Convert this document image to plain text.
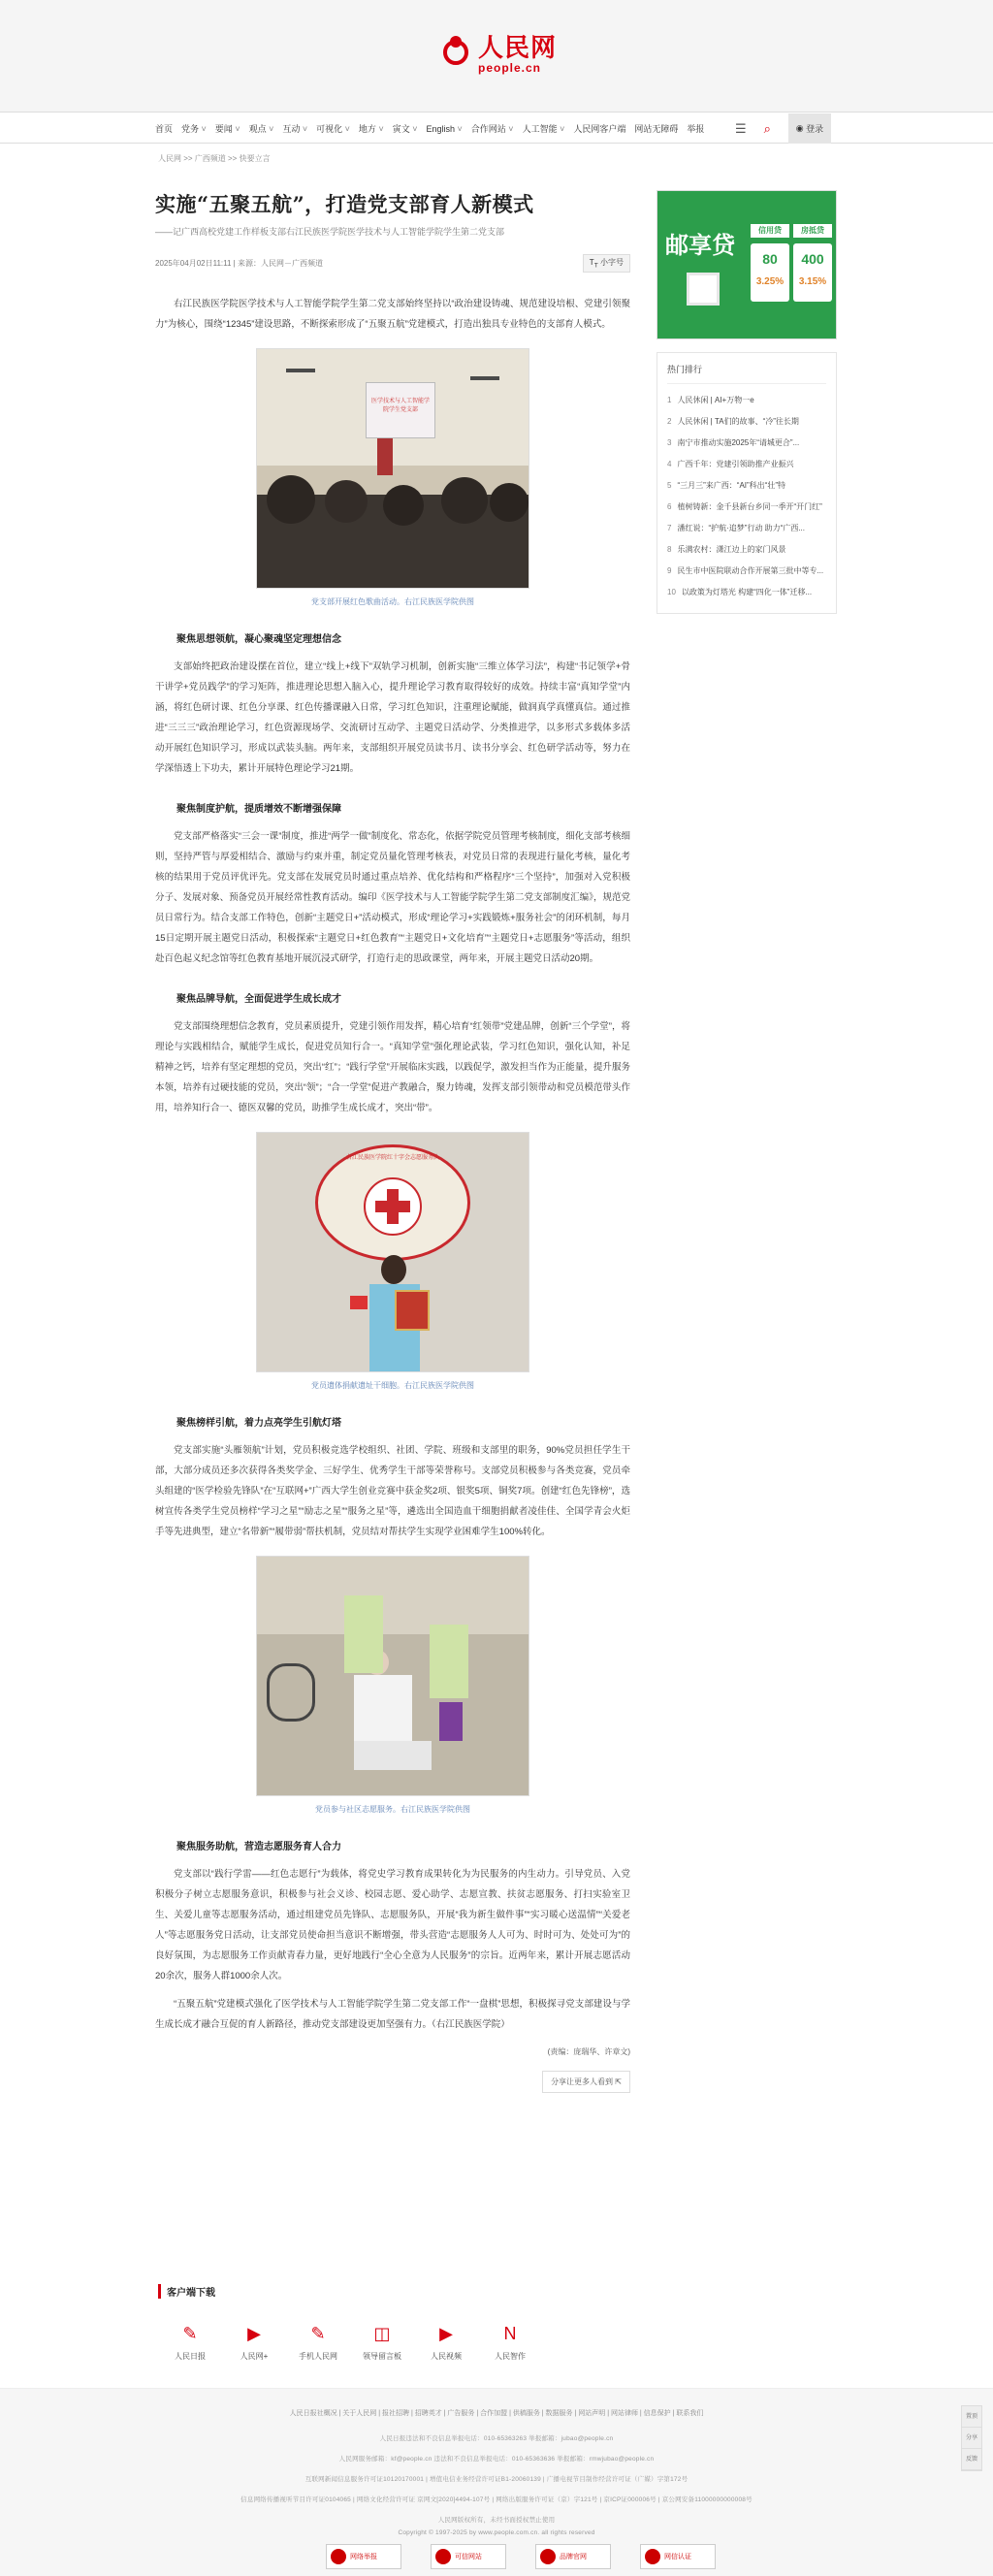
人民网
people.cn
首页 党务 ˅	要闻 ˅	观点 ˅	互动 ˅	可视化 ˅	地方 ˅	寅文 ˅	English ˅	合作网站 ˅	人工智能 ˅	人民网客户端 网站无障碍 举报 ☰ ⌕	◉
登录
人民网 >> 广西频道 >> 快要立言
实施“五聚五航”，打造党支部育人新模式
——记广西高校党建工作样板支部右江民族医学院医学技术与人工智能学院学生第二党支部
2025年04月02日11:11 | 来源：人民网－广西频道	$T_T$ 小字号

右江民族医学院医学技术与人工智能学院学生第二党支部始终坚持以“政治建设铸魂、规范建设培根、党建引领聚力”为核心，围绕“12345”建设思路，不断探索形成了“五聚五航”党建模式，打造出独具专业特色的支部育人模式。

医学技术与人工智能学院学生党支部
党支部开展红色歌曲活动。右江民族医学院供图
聚焦思想领航，凝心聚魂坚定理想信念

支部始终把政治建设摆在首位，建立“线上+线下”双轨学习机制，创新实施“三维立体学习法”，构建“书记领学+骨干讲学+党员践学”的学习矩阵，推进理论思想入脑入心，提升理论学习教育取得较好的成效。持续丰富“真知学堂”内涵，将红色研讨课、红色分享课、红色传播课融入日常，学习红色知识，注重理论赋能，做润真学真懂真信。通过推进“三三三”政治理论学习，红色资源现场学、交流研讨互动学、主题党日活动学、分类推进学，以多形式多载体多活动开展红色知识学习，形成以武装头脑。两年来，支部组织开展党员读书月、读书分享会、红色研学活动等，努力在学深悟透上下功夫，累计开展特色理论学习21期。

聚焦制度护航，提质增效不断增强保障

党支部严格落实“三会一课”制度，推进“两学一做”制度化、常态化，依据学院党员管理考核制度，细化支部考核细则，坚持严管与厚爱相结合、激励与约束并重，制定党员量化管理考核表，对党员日常的表现进行量化考核，量化考核的结果用于党员评优评先。党支部在发展党员时通过重点培养、优化结构和严格程序“三个坚持”，加强对入党积极分子、发展对象、预备党员开展经常性教育活动。编印《医学技术与人工智能学院学生第二党支部制度汇编》，规范党员日常行为。结合支部工作特色，创新“主题党日+”活动模式，形成“理论学习+实践锻炼+服务社会”的闭环机制，每月15日定期开展主题党日活动，积极探索“主题党日+红色教育”“主题党日+文化培育”“主题党日+志愿服务”等活动，组织赴百色起义纪念馆等红色教育基地开展沉浸式研学，打造行走的思政课堂，两年来，开展主题党日活动20期。

聚焦品牌导航，全面促进学生成长成才

党支部围绕理想信念教育，党员素质提升，党建引领作用发挥，精心培育“红领带”党建品牌，创新“三个学堂”，将理论与实践相结合，赋能学生成长，促进党员知行合一。“真知学堂”强化理论武装，学习红色知识，强化认知，补足精神之钙，培养有坚定理想的党员，突出“红”；“践行学堂”开展临床实践，以践促学，激发担当作为正能量，提升服务本领，培养有过硬技能的党员，突出“领”；“合一学堂”促进产教融合，聚力铸魂，发挥支部引领带动和党员模范带头作用，培养知行合一、德医双馨的党员，助推学生成长成才，突出“带”。

右江民族医学院红十字会志愿服务队
党员遗体捐献遗址干细胞。右江民族医学院供图
聚焦榜样引航，着力点亮学生引航灯塔

党支部实施“头雁领航”计划，党员积极竞选学校组织、社团、学院、班级和支部里的职务，90%党员担任学生干部，大部分成员还多次获得各类奖学金、三好学生、优秀学生干部等荣誉称号。支部党员积极参与各类竞赛，党员牵头组建的“医学检验先锋队”在“互联网+”广西大学生创业竞赛中获金奖2项、银奖5项、铜奖7项。创建“红色先锋榜”，选树宣传各类学生党员榜样“学习之星”“励志之星”“服务之星”等，遴选出全国造血干细胞捐献者凌佳佳、全国学青会火炬手等先进典型，建立“名带新”“履带弱”帮扶机制，党员结对帮扶学生实现学业困难学生100%转化。

党员参与社区志愿服务。右江民族医学院供图
聚焦服务助航，营造志愿服务育人合力

党支部以“践行学雷——红色志愿行”为载体，将党史学习教育成果转化为为民服务的内生动力。引导党员、入党积极分子树立志愿服务意识，积极参与社会义诊、校园志愿、爱心助学、志愿宣教、扶贫志愿服务、打扫实验室卫生、关爱儿童等志愿服务活动，通过组建党员先锋队、志愿服务队，开展“我为新生做件事”“实习暖心送温情”“关爱老人”等志愿服务党日活动，让支部党员使命担当意识不断增强，带头营造“志愿服务人人可为、时时可为、处处可为”的良好氛围，为志愿服务工作贡献青春力量，更好地践行“全心全意为人民服务”的宗旨。近两年来，累计开展志愿活动20余次，服务人群1000余人次。

“五聚五航”党建模式强化了医学技术与人工智能学院学生第二党支部工作“一盘棋”思想，积极探寻党支部建设与学生成长成才融合互促的育人新路径，推动党支部建设更加坚强有力。（右江民族医学院）

(责编：庞瑞华、许章文)
分享让更多人看到 ⇱
邮享贷
信用贷	房抵贷
80	400
3.25%	3.15%
热门排行
1 人民休闲 | AI+万物一e
2 人民休闲 | TA们的故事、“冷”往长期
3 南宁市推动实施2025年“请城更合”...
4 广西千年：党建引领助推产业振兴
5 “三月三”来广西：“AI”科出“壮”特
6 植树铸新：金千县新台乡同一季开“开门红”
7 潘红说：“护航·追梦”行动 助力“广西...
8 乐满农村：潇江边上的家门风景
9 民生市中医院联动合作开展第三批中等专...
10 以政策为灯塔光 构建“四化一体”迁移...
客户端下载
✎
人民日报
▶
人民网+
✎
手机人民网
◫
领导留言板
▶
人民视频
Ν
人民智作
人民日报社概况 | 关于人民网 | 报社招聘 | 招聘英才 | 广告服务 | 合作加盟 | 供稿服务 | 数据服务 | 网站声明 | 网站律师 | 信息保护 | 联系我们
人民日报违法和不良信息举报电话：010-65363263 举报邮箱：jubao@people.cn
人民网服务邮箱：kf@people.cn 违法和不良信息举报电话：010-65363636 举报邮箱：rmwjubao@people.cn
互联网新闻信息服务许可证10120170001 | 增值电信业务经营许可证B1-20060139 | 广播电视节目制作经营许可证（广媒）字第172号
信息网络传播视听节目许可证0104065 | 网络文化经营许可证 京网文[2020]4494-107号 | 网络出版服务许可证（京）字121号 | 京ICP证000006号 | 京公网安备11000000000008号
人民网版权所有，未经书面授权禁止使用
Copyright © 1997-2025 by www.people.com.cn. all rights reserved
网络举报	可信网站	品牌官网	网信认证
置顶
分享
反馈
